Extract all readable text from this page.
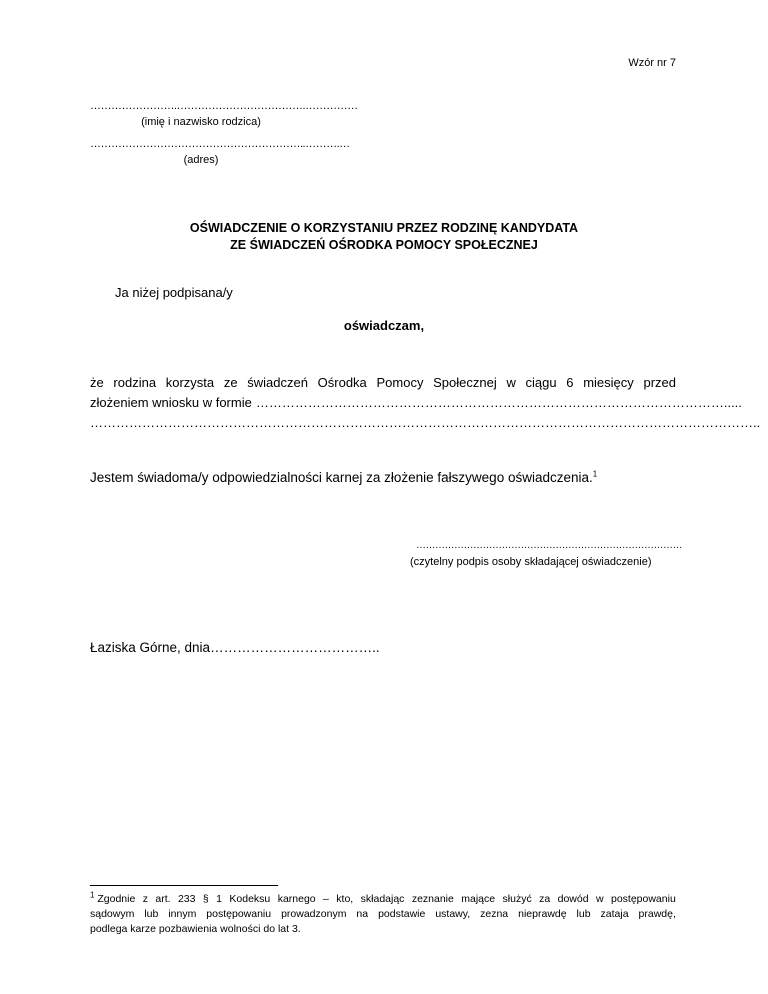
Wzór nr 7
…………………….……………………………….……………
(imię i nazwisko rodzica)
……………………………………………………..……….…
(adres)
OŚWIADCZENIE O KORZYSTANIU PRZEZ RODZINĘ KANDYDATA
ZE ŚWIADCZEŃ OŚRODKA POMOCY SPOŁECZNEJ
Ja niżej podpisana/y
oświadczam,
że rodzina korzysta ze świadczeń Ośrodka Pomocy Społecznej w ciągu 6 miesięcy przed
złożeniem wniosku w formie ……………………………………………………………………………………………….....
………………………………………………………………………………………………………………………………………..
Jestem świadoma/y odpowiedzialności karnej za złożenie fałszywego oświadczenia.$^1$
…………………………………………………………………………
(czytelny podpis osoby składającej oświadczenie)
Łaziska Górne, dnia………………………………..
$^1$ Zgodnie z art. 233 § 1 Kodeksu karnego – kto, składając zeznanie mające służyć za dowód w postępowaniu
sądowym lub innym postępowaniu prowadzonym na podstawie ustawy, zezna nieprawdę lub zataja prawdę,
podlega karze pozbawienia wolności do lat 3.
